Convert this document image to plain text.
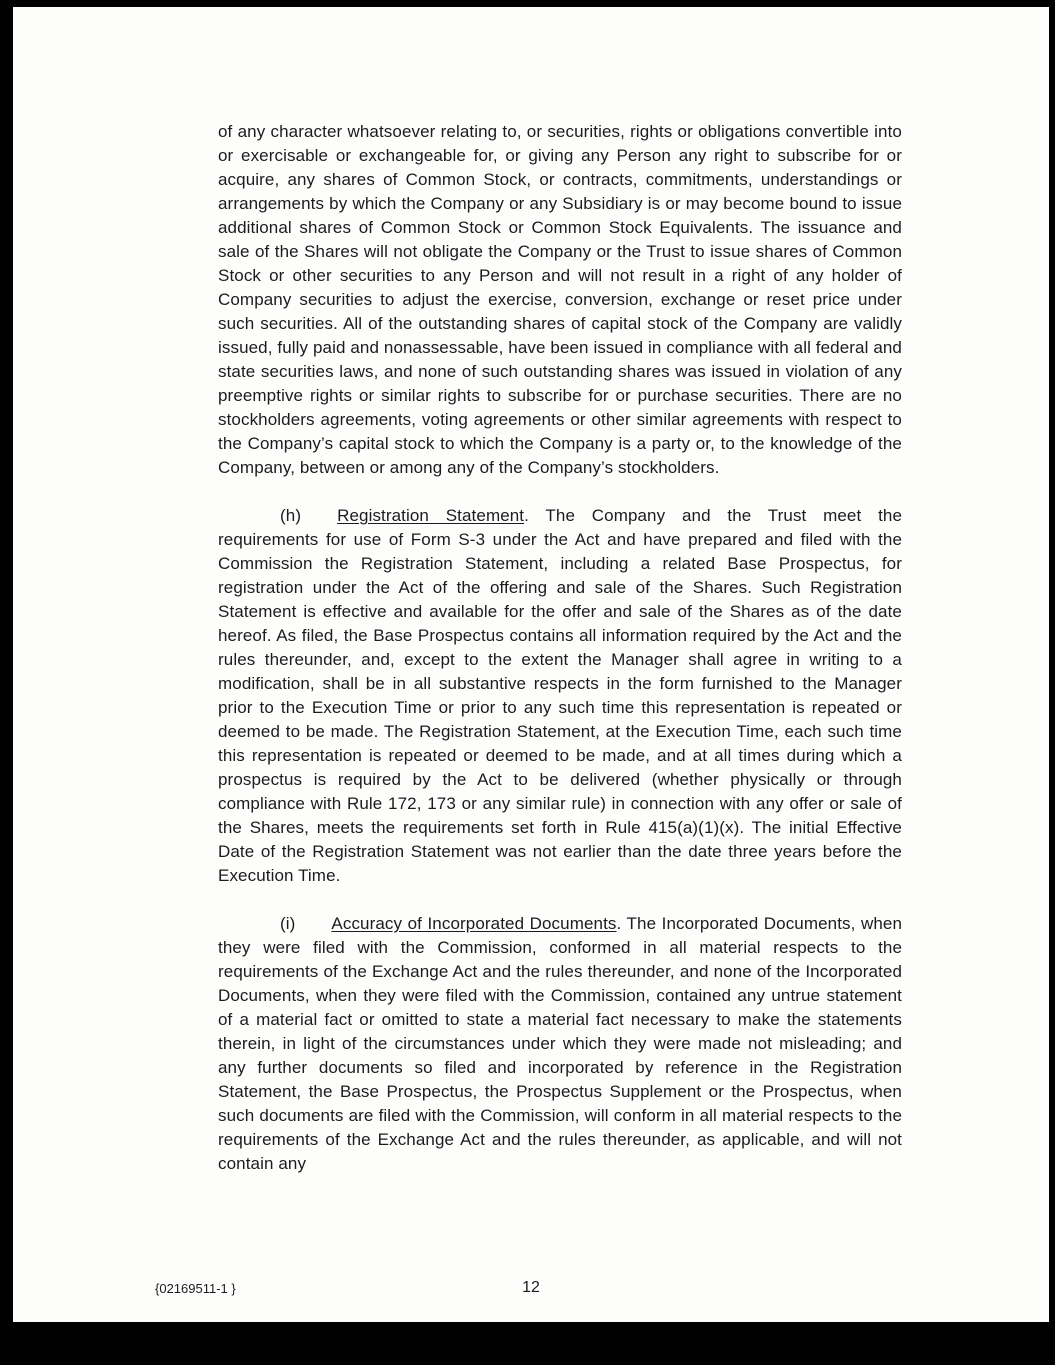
of any character whatsoever relating to, or securities, rights or obligations convertible into or exercisable or exchangeable for, or giving any Person any right to subscribe for or acquire, any shares of Common Stock, or contracts, commitments, understandings or arrangements by which the Company or any Subsidiary is or may become bound to issue additional shares of Common Stock or Common Stock Equivalents. The issuance and sale of the Shares will not obligate the Company or the Trust to issue shares of Common Stock or other securities to any Person and will not result in a right of any holder of Company securities to adjust the exercise, conversion, exchange or reset price under such securities. All of the outstanding shares of capital stock of the Company are validly issued, fully paid and nonassessable, have been issued in compliance with all federal and state securities laws, and none of such outstanding shares was issued in violation of any preemptive rights or similar rights to subscribe for or purchase securities. There are no stockholders agreements, voting agreements or other similar agreements with respect to the Company’s capital stock to which the Company is a party or, to the knowledge of the Company, between or among any of the Company’s stockholders.

(h) Registration Statement. The Company and the Trust meet the requirements for use of Form S-3 under the Act and have prepared and filed with the Commission the Registration Statement, including a related Base Prospectus, for registration under the Act of the offering and sale of the Shares. Such Registration Statement is effective and available for the offer and sale of the Shares as of the date hereof. As filed, the Base Prospectus contains all information required by the Act and the rules thereunder, and, except to the extent the Manager shall agree in writing to a modification, shall be in all substantive respects in the form furnished to the Manager prior to the Execution Time or prior to any such time this representation is repeated or deemed to be made. The Registration Statement, at the Execution Time, each such time this representation is repeated or deemed to be made, and at all times during which a prospectus is required by the Act to be delivered (whether physically or through compliance with Rule 172, 173 or any similar rule) in connection with any offer or sale of the Shares, meets the requirements set forth in Rule 415(a)(1)(x). The initial Effective Date of the Registration Statement was not earlier than the date three years before the Execution Time.

(i) Accuracy of Incorporated Documents. The Incorporated Documents, when they were filed with the Commission, conformed in all material respects to the requirements of the Exchange Act and the rules thereunder, and none of the Incorporated Documents, when they were filed with the Commission, contained any untrue statement of a material fact or omitted to state a material fact necessary to make the statements therein, in light of the circumstances under which they were made not misleading; and any further documents so filed and incorporated by reference in the Registration Statement, the Base Prospectus, the Prospectus Supplement or the Prospectus, when such documents are filed with the Commission, will conform in all material respects to the requirements of the Exchange Act and the rules thereunder, as applicable, and will not contain any

{02169511-1 }	12
